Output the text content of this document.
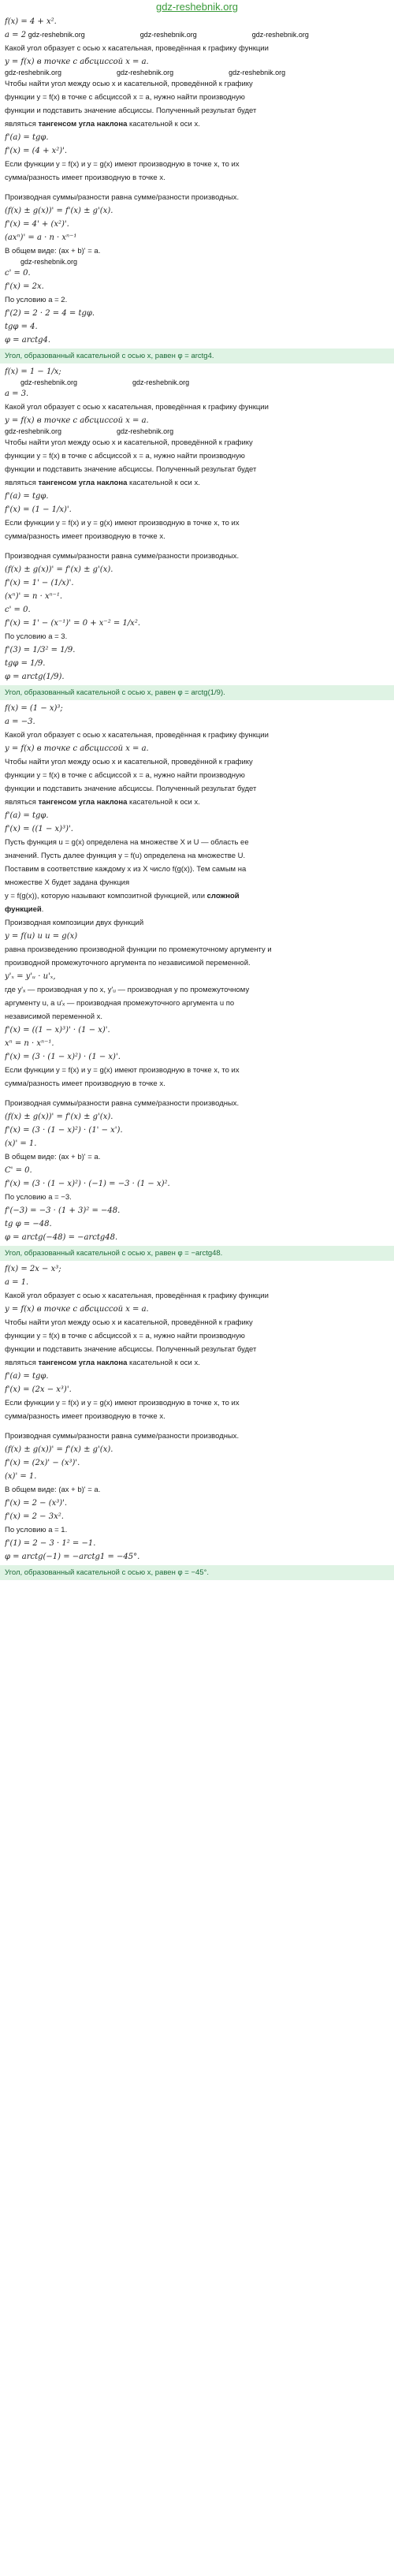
gdz-reshebnik.org
f(x) = 4 + x².
a = 2 gdz-reshebnik.org	gdz-reshebnik.org	gdz-reshebnik.org
Какой угол образует с осью x касательная, проведённая к графику функции
y = f(x) в точке с абсциссой x = a.
gdz-reshebnik.org	gdz-reshebnik.org	gdz-reshebnik.org
Чтобы найти угол между осью x и касательной, проведённой к графику
функции y = f(x) в точке с абсциссой x = a, нужно найти производную
функции и подставить значение абсциссы. Полученный результат будет
являться тангенсом угла наклона касательной к оси x.
f'(a) = tgφ.
f'(x) = (4 + x²)'.
Если функции y = f(x) и y = g(x) имеют производную в точке x, то их
сумма/разность имеет производную в точке x.
Производная суммы/разности равна сумме/разности производных.
(f(x) ± g(x))' = f'(x) ± g'(x).
f'(x) = 4' + (x²)'.
(axⁿ)' = a · n · xⁿ⁻¹
В общем виде: (ax + b)' = a.
gdz-reshebnik.org
c' = 0.
f'(x) = 2x.
По условию a = 2.
f'(2) = 2 · 2 = 4 = tgφ.
tgφ = 4.
φ = arctg4.
Угол, образованный касательной с осью x, равен φ = arctg4.
f(x) = 1 − 1/x;
gdz-reshebnik.org	gdz-reshebnik.org
a = 3.
Какой угол образует с осью x касательная, проведённая к графику функции
y = f(x) в точке с абсциссой x = a.
gdz-reshebnik.org	gdz-reshebnik.org
Чтобы найти угол между осью x и касательной, проведённой к графику
функции y = f(x) в точке с абсциссой x = a, нужно найти производную
функции и подставить значение абсциссы. Полученный результат будет
являться тангенсом угла наклона касательной к оси x.
f'(a) = tgφ.
f'(x) = (1 − 1/x)'.
Если функции y = f(x) и y = g(x) имеют производную в точке x, то их
сумма/разность имеет производную в точке x.
Производная суммы/разности равна сумме/разности производных.
(f(x) ± g(x))' = f'(x) ± g'(x).
f'(x) = 1' − (1/x)'.
(xⁿ)' = n · xⁿ⁻¹.
c' = 0.
f'(x) = 1' − (x⁻¹)' = 0 + x⁻² = 1/x².
По условию a = 3.
f'(3) = 1/3² = 1/9.
tgφ = 1/9.
φ = arctg(1/9).
Угол, образованный касательной с осью x, равен φ = arctg(1/9).
f(x) = (1 − x)³;
a = −3.
Какой угол образует с осью x касательная, проведённая к графику функции
y = f(x) в точке с абсциссой x = a.
Чтобы найти угол между осью x и касательной, проведённой к графику
функции y = f(x) в точке с абсциссой x = a, нужно найти производную
функции и подставить значение абсциссы. Полученный результат будет
являться тангенсом угла наклона касательной к оси x.
f'(a) = tgφ.
f'(x) = ((1 − x)³)'.
Пусть функция u = g(x) определена на множестве X и U — область ее
значений. Пусть далее функция y = f(u) определена на множестве U.
Поставим в соответствие каждому x из X число f(g(x)). Тем самым на
множестве X будет задана функция
y = f(g(x)), которую называют композитной функцией, или сложной
функцией.
Производная композиции двух функций
y = f(u) и u = g(x)
равна произведению производной функции по промежуточному аргументу и
производной промежуточного аргумента по независимой переменной.
y'ₓ = y'ᵤ · u'ₓ,
где y'ₓ — производная y по x, y'ᵤ — производная y по промежуточному
аргументу u, а u'ₓ — производная промежуточного аргумента u по
независимой переменной x.
f'(x) = ((1 − x)³)' · (1 − x)'.
xⁿ = n · xⁿ⁻¹.
f'(x) = (3 · (1 − x)²) · (1 − x)'.
Если функции y = f(x) и y = g(x) имеют производную в точке x, то их
сумма/разность имеет производную в точке x.
Производная суммы/разности равна сумме/разности производных.
(f(x) ± g(x))' = f'(x) ± g'(x).
f'(x) = (3 · (1 − x)²) · (1' − x').
(x)' = 1.
В общем виде: (ax + b)' = a.
C' = 0.
f'(x) = (3 · (1 − x)²) · (−1) = −3 · (1 − x)².
По условию a = −3.
f'(−3) = −3 · (1 + 3)² = −48.
tg φ = −48.
φ = arctg(−48) = −arctg48.
Угол, образованный касательной с осью x, равен φ = −arctg48.
f(x) = 2x − x³;
a = 1.
Какой угол образует с осью x касательная, проведённая к графику функции
y = f(x) в точке с абсциссой x = a.
Чтобы найти угол между осью x и касательной, проведённой к графику
функции y = f(x) в точке с абсциссой x = a, нужно найти производную
функции и подставить значение абсциссы. Полученный результат будет
являться тангенсом угла наклона касательной к оси x.
f'(a) = tgφ.
f'(x) = (2x − x³)'.
Если функции y = f(x) и y = g(x) имеют производную в точке x, то их
сумма/разность имеет производную в точке x.
Производная суммы/разности равна сумме/разности производных.
(f(x) ± g(x))' = f'(x) ± g'(x).
f'(x) = (2x)' − (x³)'.
(x)' = 1.
В общем виде: (ax + b)' = a.
f'(x) = 2 − (x³)'.
f'(x) = 2 − 3x².
По условию a = 1.
f'(1) = 2 − 3 · 1² = −1.
φ = arctg(−1) = −arctg1 = −45°.
Угол, образованный касательной с осью x, равен φ = −45°.
